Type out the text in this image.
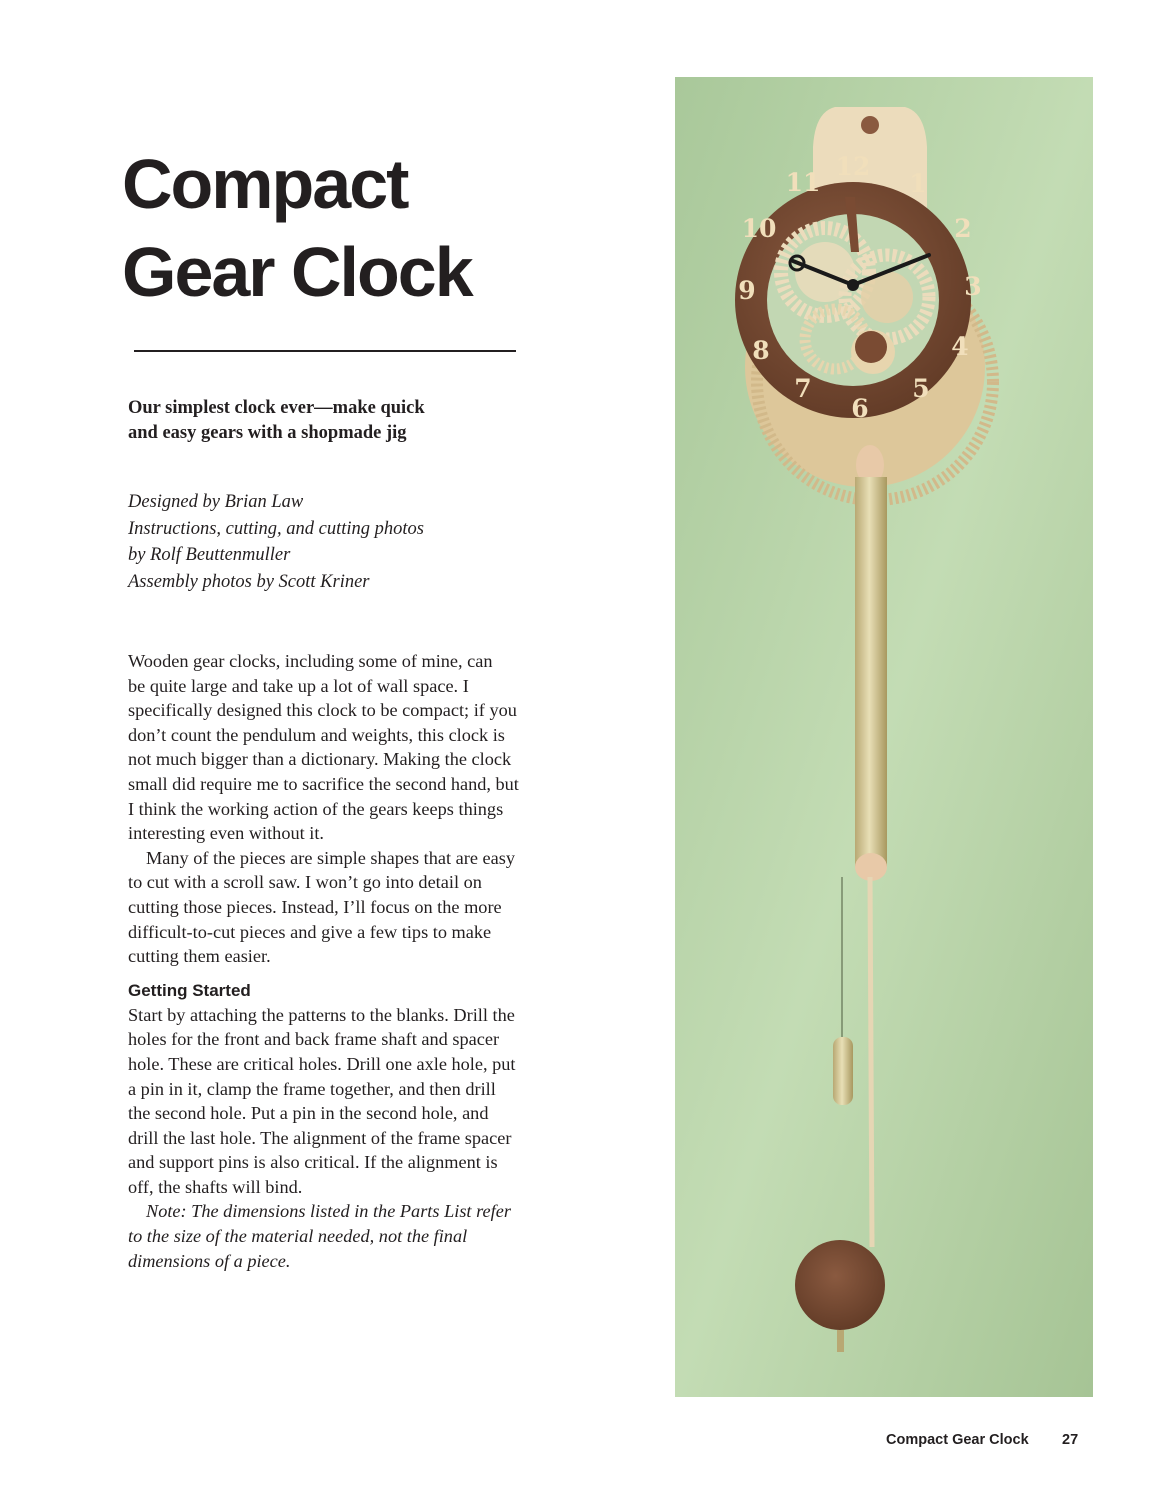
Compact
Gear Clock
Our simplest clock ever—make quick
and easy gears with a shopmade jig
Designed by Brian Law
Instructions, cutting, and cutting photos
by Rolf Beuttenmuller
Assembly photos by Scott Kriner
Wooden gear clocks, including some of mine, can
be quite large and take up a lot of wall space. I
specifically designed this clock to be compact; if you
don’t count the pendulum and weights, this clock is
not much bigger than a dictionary. Making the clock
small did require me to sacrifice the second hand, but
I think the working action of the gears keeps things
interesting even without it.
Many of the pieces are simple shapes that are easy
to cut with a scroll saw. I won’t go into detail on
cutting those pieces. Instead, I’ll focus on the more
difficult-to-cut pieces and give a few tips to make
cutting them easier.
Getting Started
Start by attaching the patterns to the blanks. Drill the
holes for the front and back frame shaft and spacer
hole. These are critical holes. Drill one axle hole, put
a pin in it, clamp the frame together, and then drill
the second hole. Put a pin in the second hole, and
drill the last hole. The alignment of the frame spacer
and support pins is also critical. If the alignment is
off, the shafts will bind.
Note: The dimensions listed in the Parts List refer
to the size of the material needed, not the final
dimensions of a piece.
12
1
2
3
4
5
6
7
8
9
10
11
Compact Gear Clock 27
